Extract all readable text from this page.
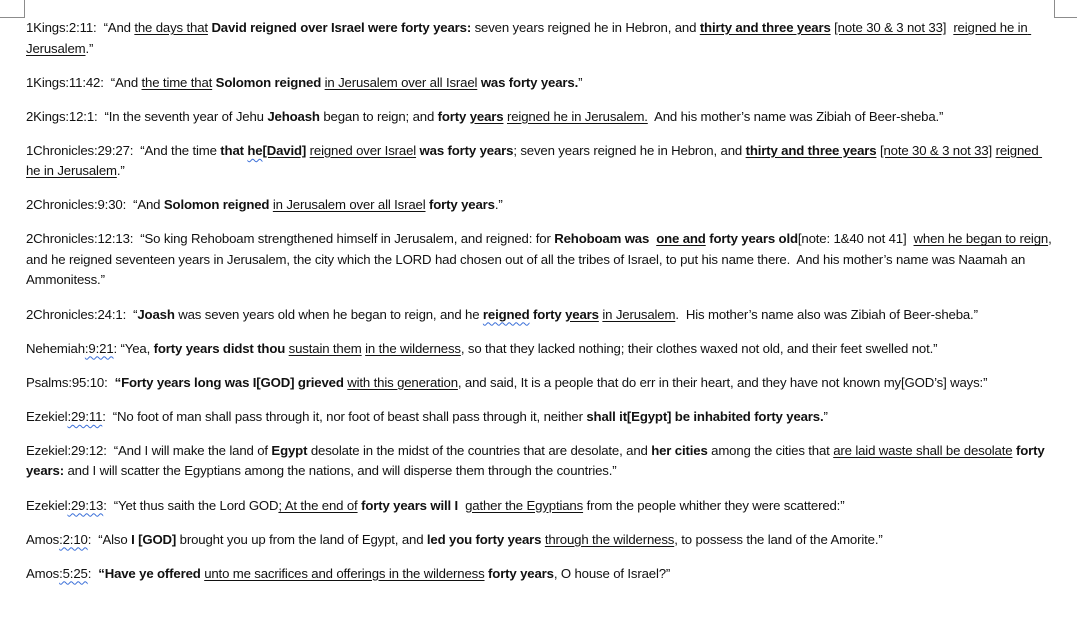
1Kings:2:11:  “And the days that David reigned over Israel were forty years: seven years reigned he in Hebron, and thirty and three years [note 30 & 3 not 33] reigned he in Jerusalem.”

1Kings:11:42:  “And the time that Solomon reigned in Jerusalem over all Israel was forty years.”

2Kings:12:1:  “In the seventh year of Jehu Jehoash began to reign; and forty years reigned he in Jerusalem.  And his mother’s name was Zibiah of Beer-sheba.”

1Chronicles:29:27:  “And the time that he[David] reigned over Israel was forty years; seven years reigned he in Hebron, and thirty and three years [note 30 & 3 not 33] reigned he in Jerusalem.”

2Chronicles:9:30:  “And Solomon reigned in Jerusalem over all Israel forty years.”

2Chronicles:12:13:  “So king Rehoboam strengthened himself in Jerusalem, and reigned: for Rehoboam was one and forty years old[note: 1&40 not 41]  when he began to reign, and he reigned seventeen years in Jerusalem, the city which the LORD had chosen out of all the tribes of Israel, to put his name there.  And his mother’s name was Naamah an Ammonitess.”

2Chronicles:24:1:  “Joash was seven years old when he began to reign, and he reigned forty years in Jerusalem.  His mother’s name also was Zibiah of Beer-sheba.”

Nehemiah:9:21: “Yea, forty years didst thou sustain them in the wilderness, so that they lacked nothing; their clothes waxed not old, and their feet swelled not.”

Psalms:95:10:  “Forty years long was I[GOD] grieved with this generation, and said, It is a people that do err in their heart, and they have not known my[GOD’s] ways:”

Ezekiel:29:11:  “No foot of man shall pass through it, nor foot of beast shall pass through it, neither shall it[Egypt] be inhabited forty years.”

Ezekiel:29:12:  “And I will make the land of Egypt desolate in the midst of the countries that are desolate, and her cities among the cities that are laid waste shall be desolate forty years: and I will scatter the Egyptians among the nations, and will disperse them through the countries.”

Ezekiel:29:13:  “Yet thus saith the Lord GOD; At the end of forty years will I gather the Egyptians from the people whither they were scattered:”

Amos:2:10:  “Also I [GOD] brought you up from the land of Egypt, and led you forty years through the wilderness, to possess the land of the Amorite.”

Amos:5:25:  “Have ye offered unto me sacrifices and offerings in the wilderness forty years, O house of Israel?”
